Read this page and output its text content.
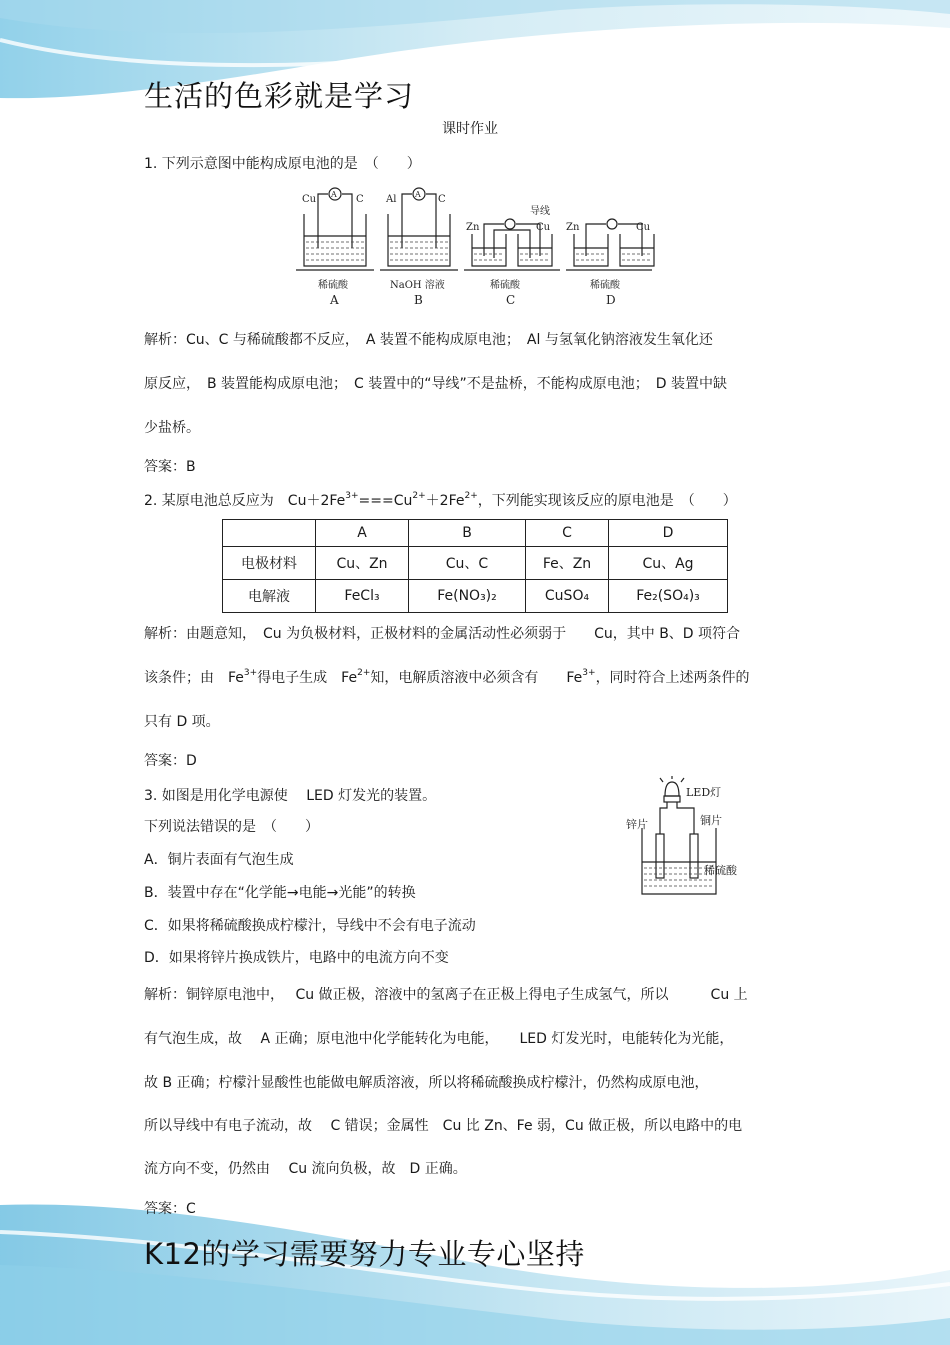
生活的色彩就是学习
课时作业
1. 下列示意图中能构成原电池的是　（　　）
Cu A C Al A C
导线
Zn	Cu Zn	Cu
稀硫酸	NaOH 溶液	稀硫酸	稀硫酸
A	B	C	D
解析：Cu、C 与稀硫酸都不反应，　A 装置不能构成原电池；　Al 与氢氧化钠溶液发生氧化还
原反应，　B 装置能构成原电池；　C 装置中的“导线”不是盐桥，不能构成原电池；　D 装置中缺
少盐桥。
答案：B
2. 某原电池总反应为　$Cu+2Fe^{3+}===Cu^{2+}+2Fe^{2+}$，下列能实现该反应的原电池是　（　　）
	A	B	C	D
电极材料	Cu、Zn	Cu、C	Fe、Zn	Cu、Ag
电解液	FeCl₃	Fe(NO₃)₂	CuSO₄	Fe₂(SO₄)₃
解析：由题意知，　Cu 为负极材料，正极材料的金属活动性必须弱于　　Cu，其中 B、D 项符合
该条件；由　$Fe^{3+}$得电子生成　$Fe^{2+}$知，电解质溶液中必须含有　　$Fe^{3+}$，同时符合上述两条件的
只有 D 项。
答案：D
3. 如图是用化学电源使　 LED 灯发光的装置。
下列说法错误的是　（　　）
A．铜片表面有气泡生成
B．装置中存在“化学能→电能→光能”的转换
C．如果将稀硫酸换成柠檬汁，导线中不会有电子流动
D．如果将锌片换成铁片，电路中的电流方向不变
LED灯
锌片	铜片
稀硫酸
解析：铜锌原电池中，　 Cu 做正极，溶液中的氢离子在正极上得电子生成氢气，所以　　　Cu 上
有气泡生成，故　 A 正确；原电池中化学能转化为电能，　　LED 灯发光时，电能转化为光能，
故 B 正确；柠檬汁显酸性也能做电解质溶液，所以将稀硫酸换成柠檬汁，仍然构成原电池，
所以导线中有电子流动，故　 C 错误；金属性　Cu 比 Zn、Fe 弱，Cu 做正极，所以电路中的电
流方向不变，仍然由　 Cu 流向负极，故　D 正确。
答案：C
K12的学习需要努力专业专心坚持
